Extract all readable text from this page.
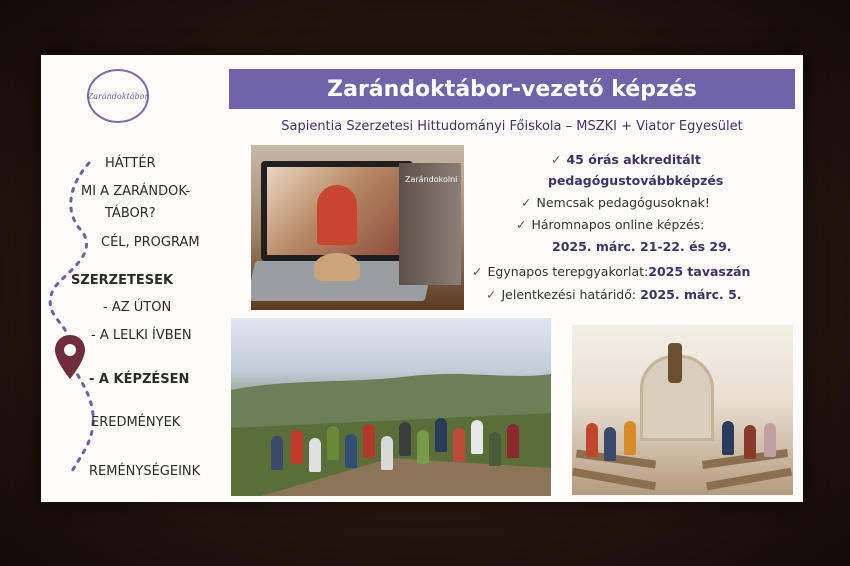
Zarándoktábor	Zarándoktábor-vezető képzés
Sapientia Szerzetesi Hittudományi Főiskola – MSZKI + Viator Egyesület
HÁTTÉR
MI A ZARÁNDOK-
TÁBOR?
CÉL, PROGRAM
SZERZETESEK
- AZ ÚTON
- A LELKI ÍVBEN
- A KÉPZÉSEN
EREDMÉNYEK
REMÉNYSÉGEINK
Zarándokolni
✓ 45 órás akkreditált
pedagógustovábbképzés
✓ Nemcsak pedagógusoknak!
✓ Háromnapos online képzés:
2025. márc. 21-22. és 29.
✓ Egynapos terepgyakorlat:2025 tavaszán
✓ Jelentkezési határidő: 2025. márc. 5.
